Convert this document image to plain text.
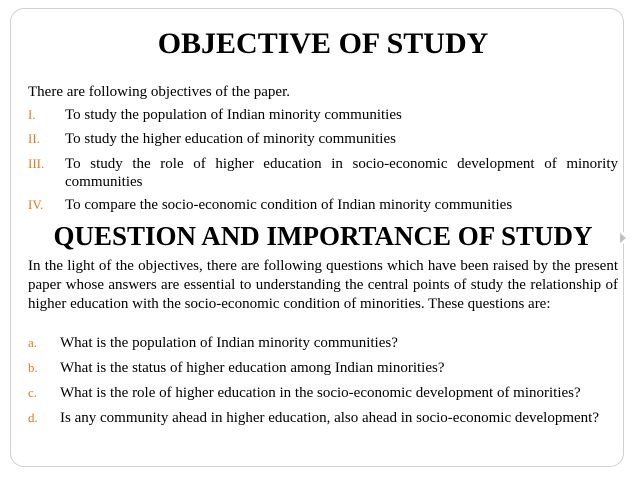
OBJECTIVE OF STUDY
There are following objectives of the paper.
I. To study the population of Indian minority communities
II. To study the higher education of minority communities
III. To study the role of higher education in socio-economic development of minority communities
IV. To compare the socio-economic condition of Indian minority communities
QUESTION AND IMPORTANCE OF STUDY
In the light of the objectives, there are following questions which have been raised by the present paper whose answers are essential to understanding the central points of study the relationship of higher education with the socio-economic condition of minorities. These questions are:
a. What is the population of Indian minority communities?
b. What is the status of higher education among Indian minorities?
c. What is the role of higher education in the socio-economic development of minorities?
d. Is any community ahead in higher education, also ahead in socio-economic development?
